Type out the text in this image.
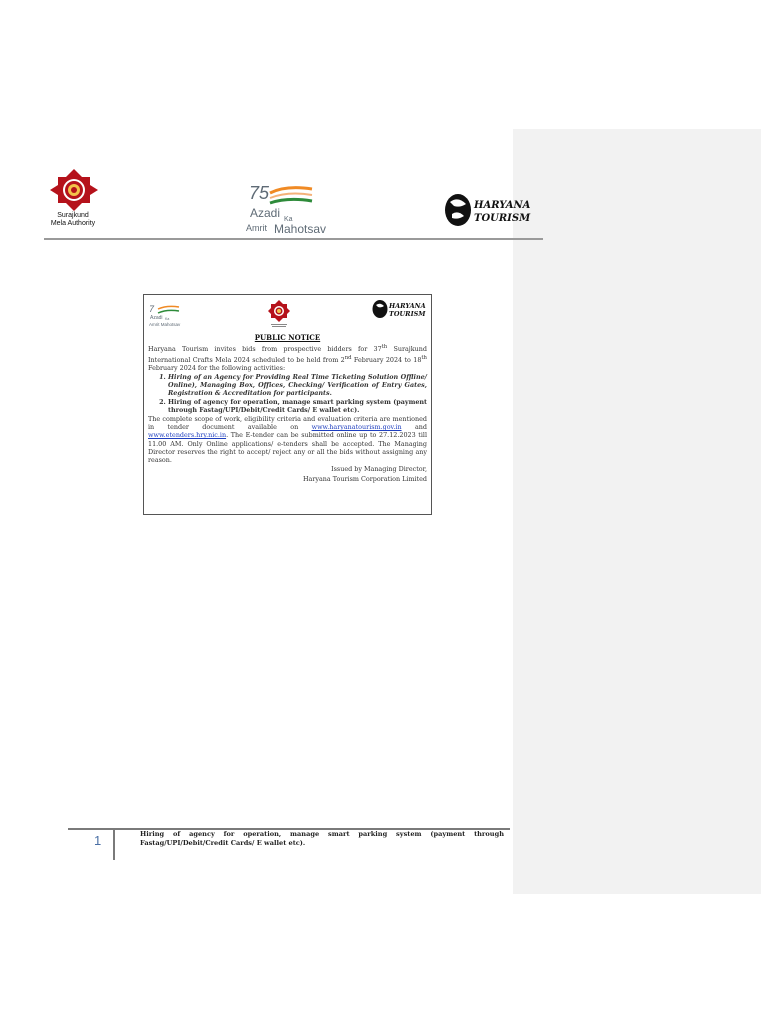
Surajkund
Mela Authority
75
Azadi Ka
Amrit Mahotsav
HARYANA
TOURISM
7
Azadi Ka
Amrit Mahotsav
HARYANA
TOURISM
PUBLIC NOTICE

Haryana Tourism invites bids from prospective bidders for 37th Surajkund International Crafts Mela 2024 scheduled to be held from 2nd February 2024 to 18th February 2024 for the following activities:

1. Hiring of an Agency for Providing Real Time Ticketing Solution Offline/ Online), Managing Box, Offices, Checking/ Verification of Entry Gates, Registration & Accreditation for participants.
2. Hiring of agency for operation, manage smart parking system (payment through Fastag/UPI/Debit/Credit Cards/ E wallet etc).

The complete scope of work, eligibility criteria and evaluation criteria are mentioned in tender document available on www.haryanatourism.gov.in and www.etenders.hry.nic.in. The E-tender can be submitted online up to 27.12.2023 till 11.00 AM. Only Online applications/ e-tenders shall be accepted. The Managing Director reserves the right to accept/ reject any or all the bids without assigning any reason.

Issued by Managing Director,
Haryana Tourism Corporation Limited
1	Hiring of agency for operation, manage smart parking system (payment through Fastag/UPI/Debit/Credit Cards/ E wallet etc).
